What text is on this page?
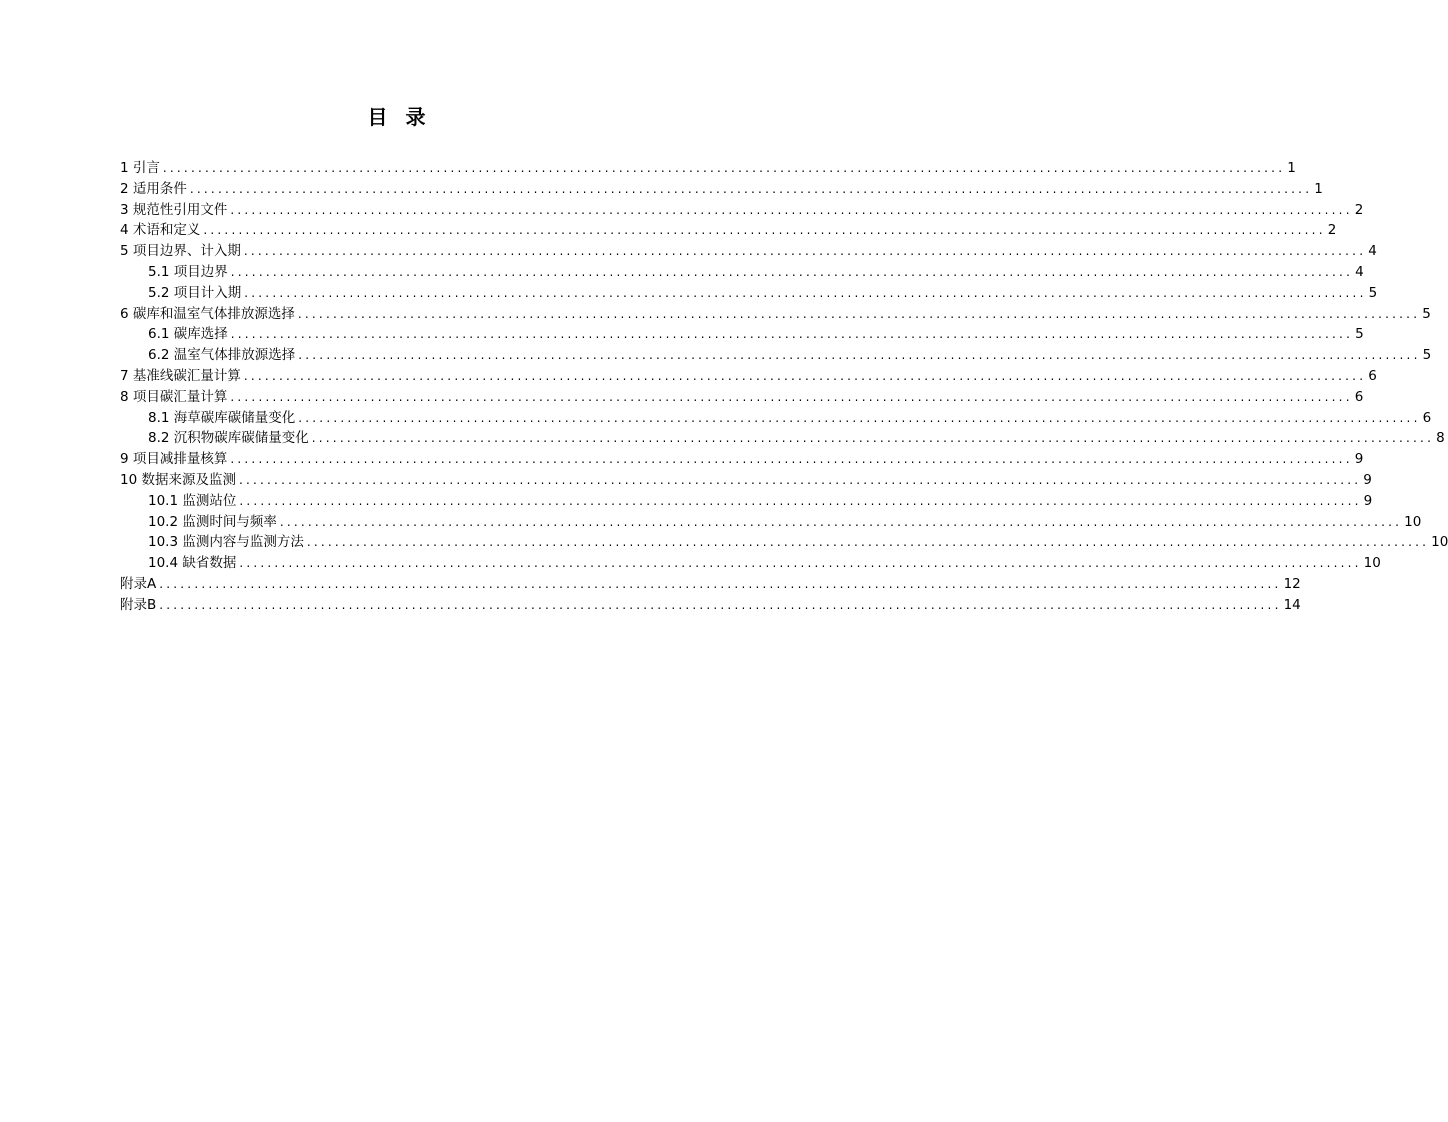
目录
1 引言 ................................................................................................................................................................ 1
2 适用条件 ................................................................................................................................................................ 1
3 规范性引用文件 ................................................................................................................................................................ 2
4 术语和定义 ................................................................................................................................................................ 2
5 项目边界、计入期 ................................................................................................................................................................ 4
5.1 项目边界 ................................................................................................................................................................ 4
5.2 项目计入期 ................................................................................................................................................................ 5
6 碳库和温室气体排放源选择 ................................................................................................................................................................ 5
6.1 碳库选择 ................................................................................................................................................................ 5
6.2 温室气体排放源选择 ................................................................................................................................................................ 5
7 基准线碳汇量计算 ................................................................................................................................................................ 6
8 项目碳汇量计算 ................................................................................................................................................................ 6
8.1 海草碳库碳储量变化 ................................................................................................................................................................ 6
8.2 沉积物碳库碳储量变化 ................................................................................................................................................................ 8
9 项目减排量核算 ................................................................................................................................................................ 9
10 数据来源及监测 ................................................................................................................................................................ 9
10.1 监测站位 ................................................................................................................................................................ 9
10.2 监测时间与频率 ................................................................................................................................................................ 10
10.3 监测内容与监测方法 ................................................................................................................................................................ 10
10.4 缺省数据 ................................................................................................................................................................ 10
附录A ................................................................................................................................................................ 12
附录B ................................................................................................................................................................ 14
